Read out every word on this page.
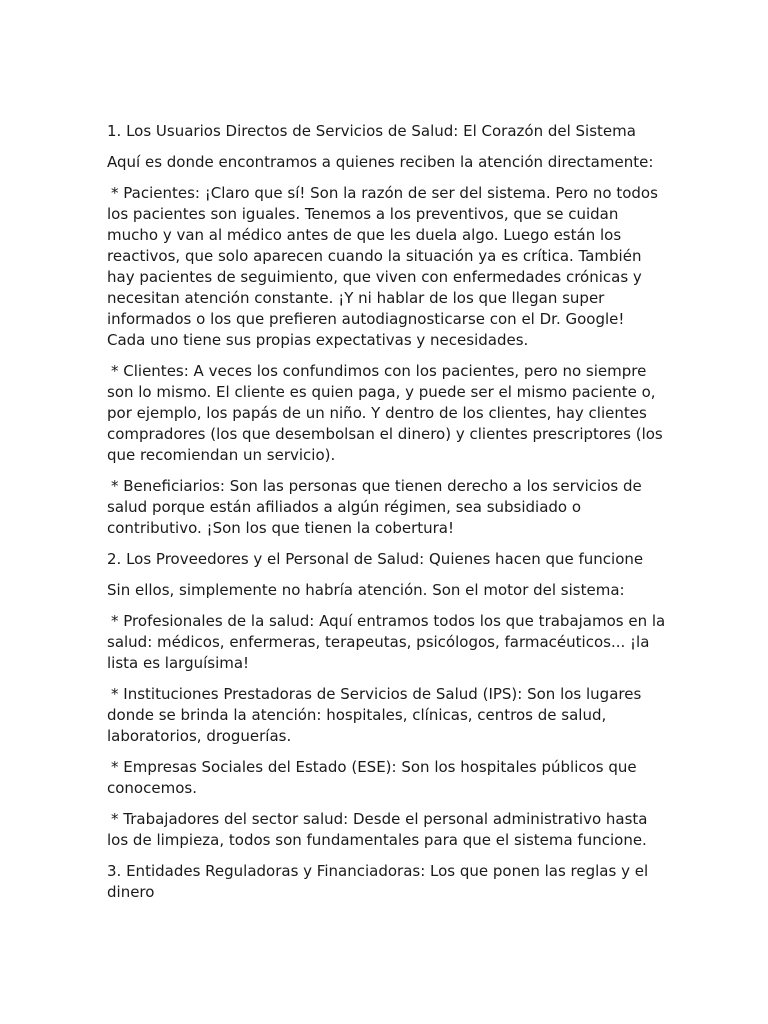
1. Los Usuarios Directos de Servicios de Salud: El Corazón del Sistema

Aquí es donde encontramos a quienes reciben la atención directamente:

* Pacientes: ¡Claro que sí! Son la razón de ser del sistema. Pero no todos los pacientes son iguales. Tenemos a los preventivos, que se cuidan mucho y van al médico antes de que les duela algo. Luego están los reactivos, que solo aparecen cuando la situación ya es crítica. También hay pacientes de seguimiento, que viven con enfermedades crónicas y necesitan atención constante. ¡Y ni hablar de los que llegan super informados o los que prefieren autodiagnosticarse con el Dr. Google! Cada uno tiene sus propias expectativas y necesidades.

* Clientes: A veces los confundimos con los pacientes, pero no siempre son lo mismo. El cliente es quien paga, y puede ser el mismo paciente o, por ejemplo, los papás de un niño. Y dentro de los clientes, hay clientes compradores (los que desembolsan el dinero) y clientes prescriptores (los que recomiendan un servicio).

* Beneficiarios: Son las personas que tienen derecho a los servicios de salud porque están afiliados a algún régimen, sea subsidiado o contributivo. ¡Son los que tienen la cobertura!

2. Los Proveedores y el Personal de Salud: Quienes hacen que funcione

Sin ellos, simplemente no habría atención. Son el motor del sistema:

* Profesionales de la salud: Aquí entramos todos los que trabajamos en la salud: médicos, enfermeras, terapeutas, psicólogos, farmacéuticos... ¡la lista es larguísima!

* Instituciones Prestadoras de Servicios de Salud (IPS): Son los lugares donde se brinda la atención: hospitales, clínicas, centros de salud, laboratorios, droguerías.

* Empresas Sociales del Estado (ESE): Son los hospitales públicos que conocemos.

* Trabajadores del sector salud: Desde el personal administrativo hasta los de limpieza, todos son fundamentales para que el sistema funcione.

3. Entidades Reguladoras y Financiadoras: Los que ponen las reglas y el dinero
